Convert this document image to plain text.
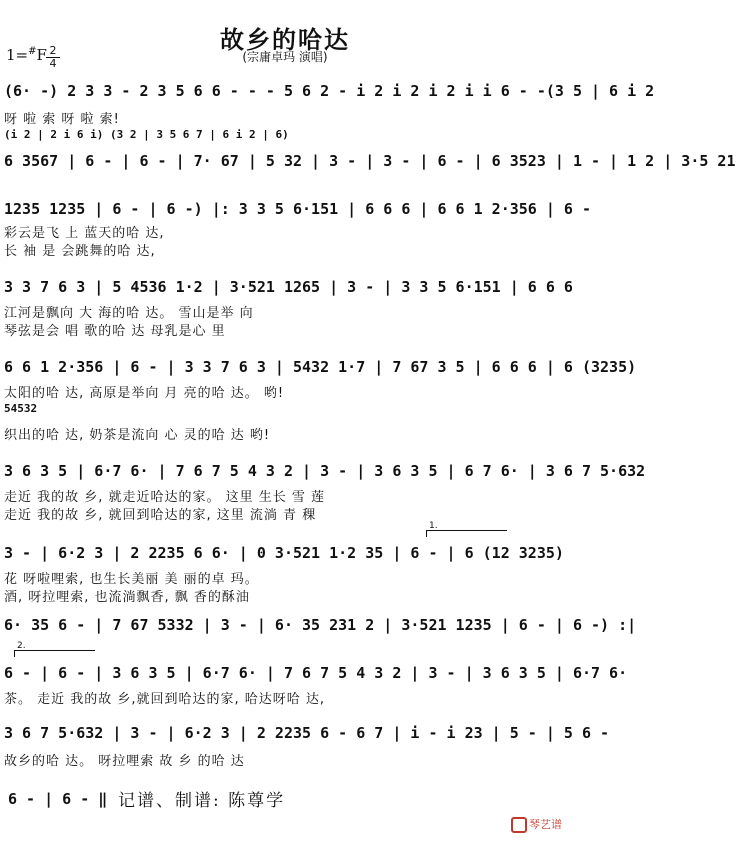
故乡的哈达
(宗庸卓玛 演唱)
1=#F 2
4
(6· -) 2 3 3 - 2 3 5 6 6 - - - 5 6 2 - i 2 i 2 i 2 i i 6 - -(3 5 | 6 i 2
呀 啦 索 呀 啦 索!
(i 2 | 2 i 6 i) (3 2 | 3 5 6 7 | 6 i 2 | 6)
6 3567 | 6 - | 6 - | 7· 67 | 5 32 | 3 - | 3 - | 6 - | 6 3523 | 1 - | 1 2 | 3·5 21
1235 1235 | 6 - | 6 -) |: 3 3 5 6·151 | 6 6 6 | 6 6 1 2·356 | 6 -
彩云是飞 上 蓝天的哈 达,
长 袖 是 会跳舞的哈 达,
3 3 7 6 3 | 5 4536 1·2 | 3·521 1265 | 3 - | 3 3 5 6·151 | 6 6 6
江河是飘向 大 海的哈 达。 雪山是举 向
琴弦是会 唱 歌的哈 达 母乳是心 里
6 6 1 2·356 | 6 - | 3 3 7 6 3 | 5432 1·7 | 7 67 3 5 | 6 6 6 | 6 (3235)
太阳的哈 达, 高原是举向 月 亮的哈 达。 哟!
54532
织出的哈 达, 奶茶是流向 心 灵的哈 达 哟!
3 6 3 5 | 6·7 6· | 7 6 7 5 4 3 2 | 3 - | 3 6 3 5 | 6 7 6· | 3 6 7 5·632
走近 我的故 乡, 就走近哈达的家。 这里 生长 雪 莲
走近 我的故 乡, 就回到哈达的家, 这里 流淌 青 稞
1.
3 - | 6·2 3 | 2 2235 6 6· | 0 3·521 1·2 35 | 6 - | 6 (12 3235)
花 呀啦哩索, 也生长美丽 美 丽的卓 玛。
酒, 呀拉哩索, 也流淌飘香, 飘 香的酥油
6· 35 6 - | 7 67 5332 | 3 - | 6· 35 231 2 | 3·521 1235 | 6 - | 6 -) :|
2.
6 - | 6 - | 3 6 3 5 | 6·7 6· | 7 6 7 5 4 3 2 | 3 - | 3 6 3 5 | 6·7 6·
茶。 走近 我的故 乡,就回到哈达的家, 哈达呀哈 达,
3 6 7 5·632 | 3 - | 6·2 3 | 2 2235 6 - 6 7 | i - i 23 | 5 - | 5 6 -
故乡的哈 达。 呀拉哩索 故 乡 的哈 达
6 - | 6 - ‖ 记谱、制谱: 陈尊学
琴艺谱
